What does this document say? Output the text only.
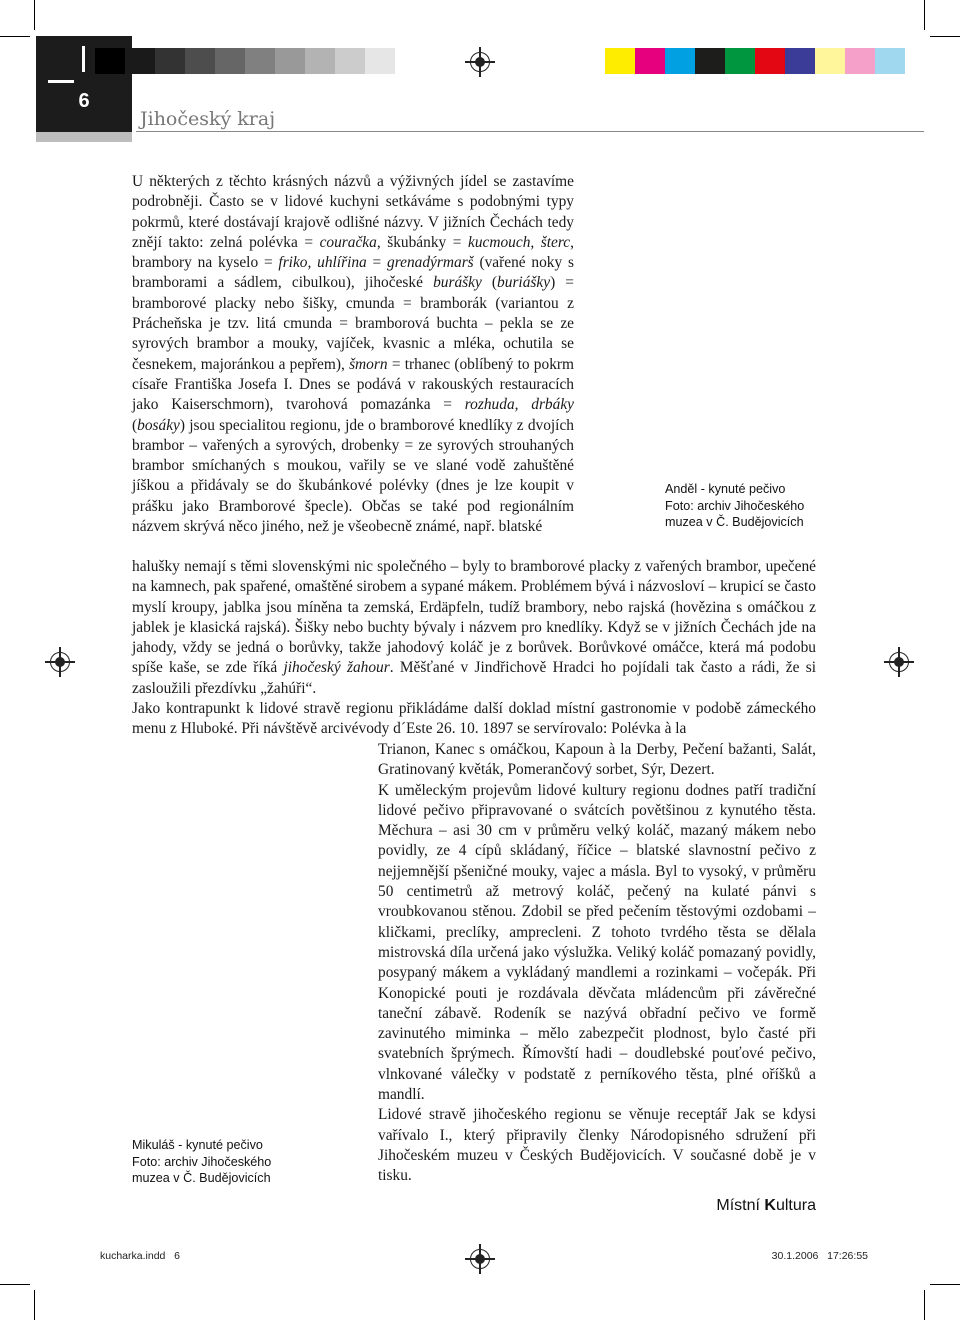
6
Jihočeský kraj

U některých z těchto krásných názvů a výživných jídel se zastavíme podrobněji. Často se v lidové kuchyni setkáváme s podobnými typy pokrmů, které dostávají krajově odlišné názvy. V jižních Čechách tedy znějí takto: zelná polévka = couračka, škubánky = kucmouch, šterc, brambory na kyselo = friko, uhlířina = grenadýrmarš (vařené noky s bramborami a sádlem, cibulkou), jihočeské burášky (buriášky) = bramborové placky nebo šišky, cmunda = bramborák (variantou z Prácheňska je tzv. litá cmunda = bramborová buchta – pekla se ze syrových brambor a mouky, vajíček, kvasnic a mléka, ochutila se česnekem, majoránkou a pepřem), šmorn = trhanec (oblíbený to pokrm císaře Františka Josefa I. Dnes se podává v rakouských restauracích jako Kaiserschmorn), tvarohová pomazánka = rozhuda, drbáky (bosáky) jsou specialitou regionu, jde o bramborové knedlíky z dvojích brambor – vařených a syrových, drobenky = ze syrových strouhaných brambor smíchaných s moukou, vařily se ve slané vodě zahuštěné jíškou a přidávaly se do škubánkové polévky (dnes je lze koupit v prášku jako Bramborové špecle). Občas se také pod regionálním názvem skrývá něco jiného, než je všeobecně známé, např. blatské

Anděl - kynuté pečivo
Foto: archiv Jihočeského
muzea v Č. Budějovicích

halušky nemají s těmi slovenskými nic společného – byly to bramborové placky z vařených brambor, upečené na kamnech, pak spařené, omaštěné sirobem a sypané mákem. Problémem bývá i názvosloví – krupicí se často myslí kroupy, jablka jsou míněna ta zemská, Erdäpfeln, tudíž brambory, nebo rajská (hovězina s omáčkou z jablek je klasická rajská). Šišky nebo buchty bývaly i názvem pro knedlíky. Když se v jižních Čechách jde na jahody, vždy se jedná o borůvky, takže jahodový koláč je z borůvek. Borůvkové omáčce, která má podobu spíše kaše, se zde říká jihočeský žahour. Měšťané v Jindřichově Hradci ho pojídali tak často a rádi, že si zasloužili přezdívku „žahúři“.

Jako kontrapunkt k lidové stravě regionu přikládáme další doklad místní gastronomie v podobě zámeckého menu z Hluboké. Při návštěvě arcivévody d´Este 26. 10. 1897 se servírovalo: Polévka à la

Trianon, Kanec s omáčkou, Kapoun à la Derby, Pečení bažanti, Salát, Gratinovaný květák, Pomerančový sorbet, Sýr, Dezert.

K uměleckým projevům lidové kultury regionu dodnes patří tradiční lidové pečivo připravované o svátcích povětšinou z kynutého těsta. Měchura – asi 30 cm v průměru velký koláč, mazaný mákem nebo povidly, ze 4 cípů skládaný, říčice – blatské slavnostní pečivo z nejjemnější pšeničné mouky, vajec a másla. Byl to vysoký, v průměru 50 centimetrů až metrový koláč, pečený na kulaté pánvi s vroubkovanou stěnou. Zdobil se před pečením těstovými ozdobami – kličkami, preclíky, amprecleni. Z tohoto tvrdého těsta se dělala mistrovská díla určená jako výslužka. Veliký koláč pomazaný povidly, posypaný mákem a vykládaný mandlemi a rozinkami – vočepák. Při Konopické pouti je rozdávala děvčata mládencům při závěrečné taneční zábavě. Rodeník se nazývá obřadní pečivo ve formě zavinutého miminka – mělo zabezpečit plodnost, bylo časté při svatebních šprýmech. Římovští hadi – doudlebské pouťové pečivo, vlnkované válečky v podstatě z perníkového těsta, plné oříšků a mandlí.

Lidové stravě jihočeského regionu se věnuje receptář Jak se kdysi vařívalo I., který připravily členky Národopisného sdružení při Jihočeském muzeu v Českých Budějovicích. V současné době je v tisku.

Mikuláš - kynuté pečivo
Foto: archiv Jihočeského
muzea v Č. Budějovicích
Místní Kultura
kucharka.indd   6	30.1.2006   17:26:55
